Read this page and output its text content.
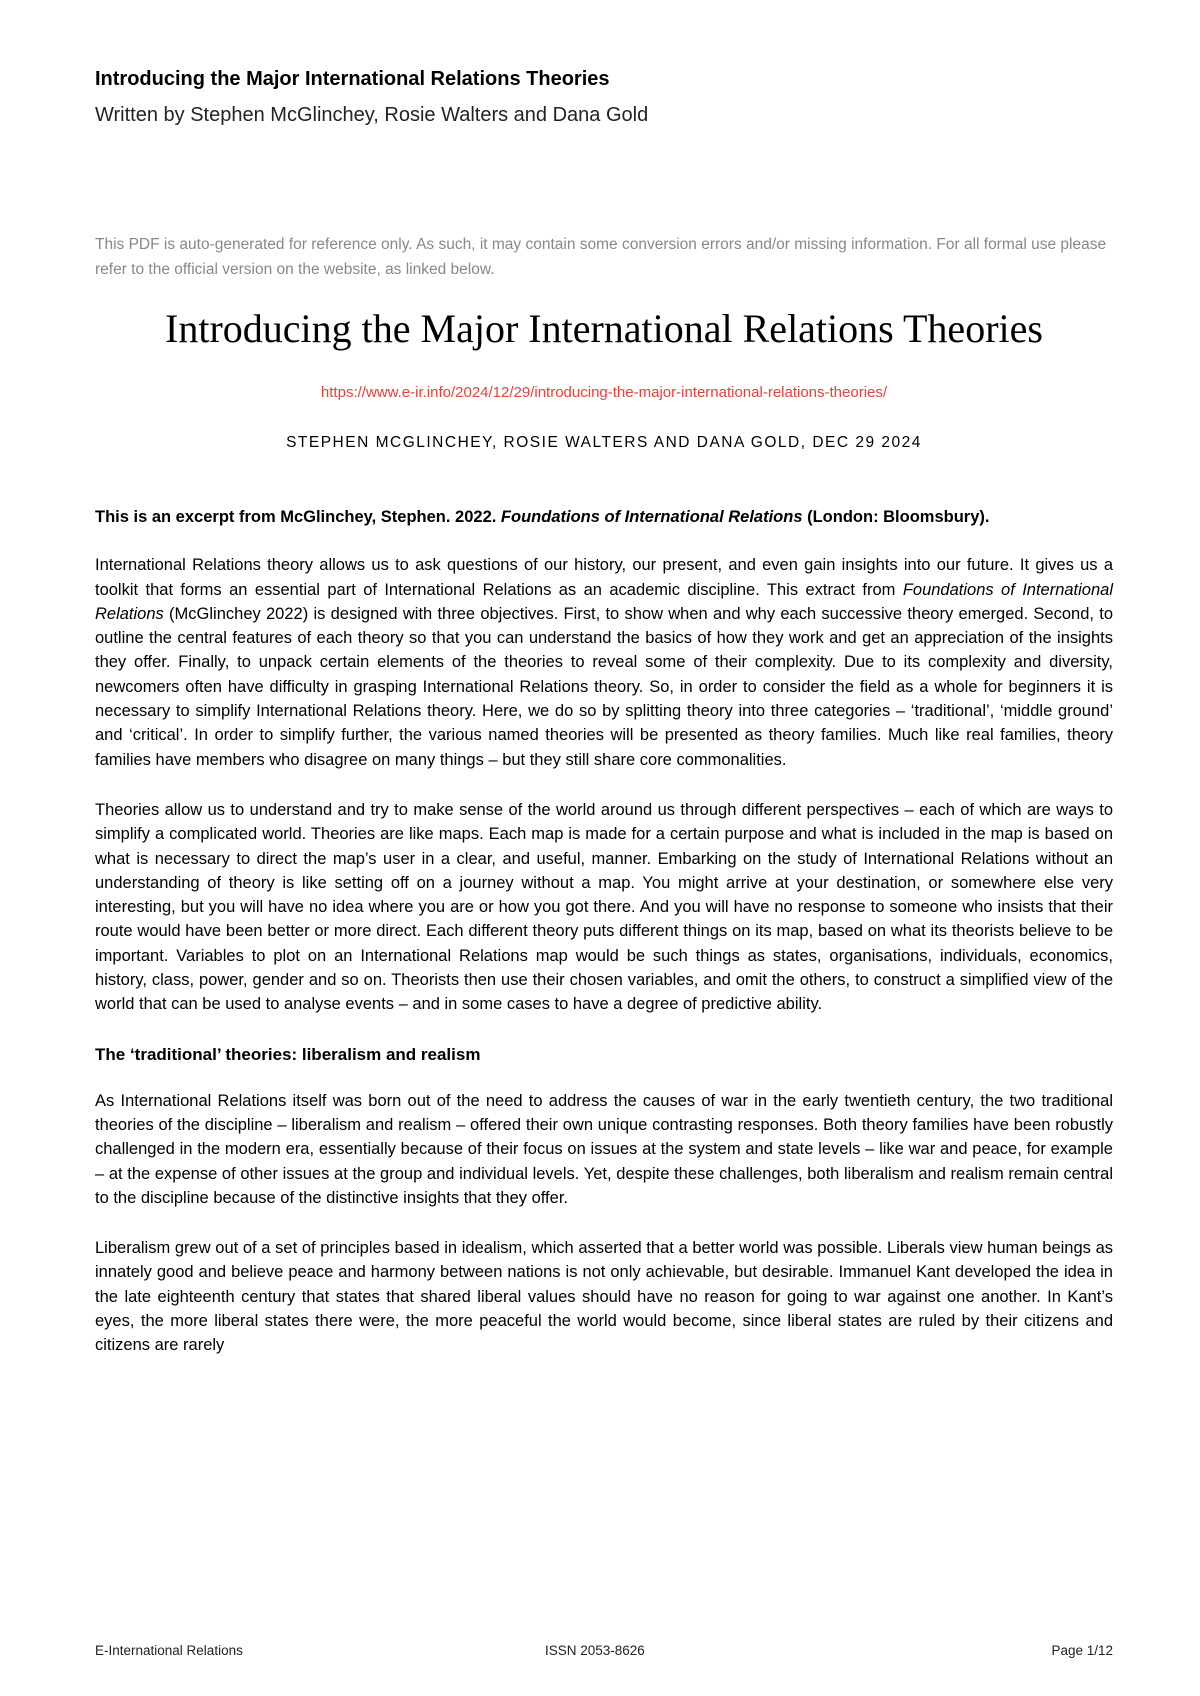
Introducing the Major International Relations Theories

Written by Stephen McGlinchey, Rosie Walters and Dana Gold

This PDF is auto-generated for reference only. As such, it may contain some conversion errors and/or missing information. For all formal use please refer to the official version on the website, as linked below.

Introducing the Major International Relations Theories
https://www.e-ir.info/2024/12/29/introducing-the-major-international-relations-theories/

STEPHEN MCGLINCHEY, ROSIE WALTERS AND DANA GOLD, DEC 29 2024

This is an excerpt from McGlinchey, Stephen. 2022. Foundations of International Relations (London: Bloomsbury).

International Relations theory allows us to ask questions of our history, our present, and even gain insights into our future. It gives us a toolkit that forms an essential part of International Relations as an academic discipline. This extract from Foundations of International Relations (McGlinchey 2022) is designed with three objectives. First, to show when and why each successive theory emerged. Second, to outline the central features of each theory so that you can understand the basics of how they work and get an appreciation of the insights they offer. Finally, to unpack certain elements of the theories to reveal some of their complexity. Due to its complexity and diversity, newcomers often have difficulty in grasping International Relations theory. So, in order to consider the field as a whole for beginners it is necessary to simplify International Relations theory. Here, we do so by splitting theory into three categories – ‘traditional’, ‘middle ground’ and ‘critical’. In order to simplify further, the various named theories will be presented as theory families. Much like real families, theory families have members who disagree on many things – but they still share core commonalities.

Theories allow us to understand and try to make sense of the world around us through different perspectives – each of which are ways to simplify a complicated world. Theories are like maps. Each map is made for a certain purpose and what is included in the map is based on what is necessary to direct the map’s user in a clear, and useful, manner. Embarking on the study of International Relations without an understanding of theory is like setting off on a journey without a map. You might arrive at your destination, or somewhere else very interesting, but you will have no idea where you are or how you got there. And you will have no response to someone who insists that their route would have been better or more direct. Each different theory puts different things on its map, based on what its theorists believe to be important. Variables to plot on an International Relations map would be such things as states, organisations, individuals, economics, history, class, power, gender and so on. Theorists then use their chosen variables, and omit the others, to construct a simplified view of the world that can be used to analyse events – and in some cases to have a degree of predictive ability.

The ‘traditional’ theories: liberalism and realism

As International Relations itself was born out of the need to address the causes of war in the early twentieth century, the two traditional theories of the discipline – liberalism and realism – offered their own unique contrasting responses. Both theory families have been robustly challenged in the modern era, essentially because of their focus on issues at the system and state levels – like war and peace, for example – at the expense of other issues at the group and individual levels. Yet, despite these challenges, both liberalism and realism remain central to the discipline because of the distinctive insights that they offer.

Liberalism grew out of a set of principles based in idealism, which asserted that a better world was possible. Liberals view human beings as innately good and believe peace and harmony between nations is not only achievable, but desirable. Immanuel Kant developed the idea in the late eighteenth century that states that shared liberal values should have no reason for going to war against one another. In Kant’s eyes, the more liberal states there were, the more peaceful the world would become, since liberal states are ruled by their citizens and citizens are rarely

E-International Relations	ISSN 2053-8626	Page 1/12
